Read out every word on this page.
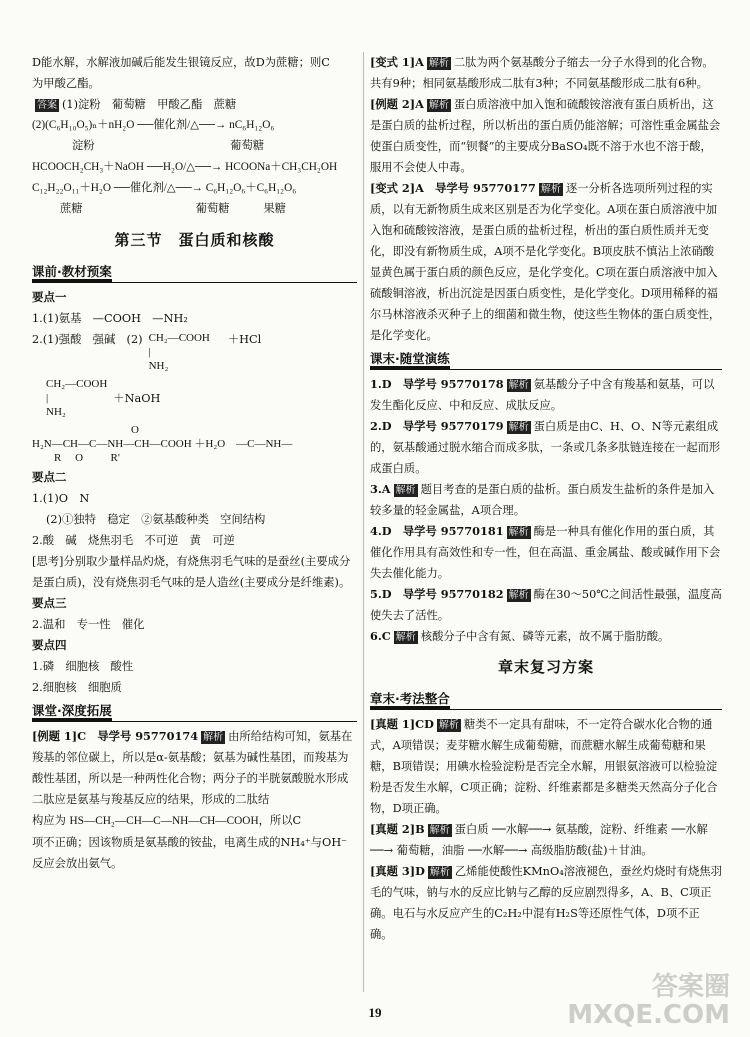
D能水解，水解液加碱后能发生银镜反应，故D为蔗糖；则C

为甲酸乙酯。

答案 (1)淀粉　葡萄糖　甲酸乙酯　蔗糖

(2)(C₆H₁₀O₅)ₙ＋nH₂O ──催化剂/△──→ nC₆H₁₂O₆

淀粉　　　　　　　　　　　　葡萄糖

HCOOCH₂CH₃＋NaOH ──H₂O/△──→ HCOONa＋CH₃CH₂OH

C₁₂H₂₂O₁₁＋H₂O ──催化剂/△──→ C₆H₁₂O₆＋C₆H₁₂O₆

蔗糖　　　　　　　　　　葡萄糖　　　果糖

第三节　蛋白质和核酸
课前·教材预案

要点一

1.(1)氨基　—COOH　—NH₂

2.(1)强酸　强碱　(2) CH₂—COOH
|
NH₂
＋HCl
CH₂—COOH
|
NH₂
＋NaOH
O
H₂N—CH—C—NH—CH—COOH ＋H₂O　—C—NH—
R     O          R'

要点二

1.(1)O　N

(2)①独特　稳定　②氨基酸种类　空间结构

2.酸　碱　烧焦羽毛　不可逆　黄　可逆

[思考]分别取少量样品灼烧，有烧焦羽毛气味的是蚕丝(主要成分是蛋白质)，没有烧焦羽毛气味的是人造丝(主要成分是纤维素)。

要点三

2.温和　专一性　催化

要点四

1.磷　细胞核　酸性

2.细胞核　细胞质

课堂·深度拓展

[例题 1]C　导学号 95770174 解析 由所给结构可知，氨基在羧基的邻位碳上，所以是α-氨基酸；氨基为碱性基团，而羧基为酸性基团，所以是一种两性化合物；两分子的半胱氨酸脱水形成二肽应是氨基与羧基反应的结果，形成的二肽结

构应为 HS—CH₂—CH—C—NH—CH—COOH，所以C

项不正确；因该物质是氨基酸的铵盐，电离生成的NH₄⁺与OH⁻反应会放出氨气。

[变式 1]A 解析 二肽为两个氨基酸分子缩去一分子水得到的化合物。共有9种；相同氨基酸形成二肽有3种；不同氨基酸形成二肽有6种。

[例题 2]A 解析 蛋白质溶液中加入饱和硫酸铵溶液有蛋白质析出，这是蛋白质的盐析过程，所以析出的蛋白质仍能溶解；可溶性重金属盐会使蛋白质变性，而“钡餐”的主要成分BaSO₄既不溶于水也不溶于酸，服用不会使人中毒。

[变式 2]A　导学号 95770177 解析 逐一分析各选项所列过程的实质，以有无新物质生成来区别是否为化学变化。A项在蛋白质溶液中加入饱和硫酸铵溶液，是蛋白质的盐析过程，析出的蛋白质性质并无变化，即没有新物质生成，A项不是化学变化。B项皮肤不慎沾上浓硝酸显黄色属于蛋白质的颜色反应，是化学变化。C项在蛋白质溶液中加入硫酸铜溶液，析出沉淀是因蛋白质变性，是化学变化。D项用稀释的福尔马林溶液杀灭种子上的细菌和微生物，使这些生物体的蛋白质变性，是化学变化。

课末·随堂演练

1.D　导学号 95770178 解析 氨基酸分子中含有羧基和氨基，可以发生酯化反应、中和反应、成肽反应。

2.D　导学号 95770179 解析 蛋白质是由C、H、O、N等元素组成的，氨基酸通过脱水缩合而成多肽，一条或几条多肽链连接在一起而形成蛋白质。

3.A 解析 题目考查的是蛋白质的盐析。蛋白质发生盐析的条件是加入较多量的轻金属盐，A项合理。

4.D　导学号 95770181 解析 酶是一种具有催化作用的蛋白质，其催化作用具有高效性和专一性，但在高温、重金属盐、酸或碱作用下会失去催化能力。

5.D　导学号 95770182 解析 酶在30～50℃之间活性最强，温度高使失去了活性。

6.C 解析 核酸分子中含有氮、磷等元素，故不属于脂肪酸。

章末复习方案
章末·考法整合

[真题 1]CD 解析 糖类不一定具有甜味，不一定符合碳水化合物的通式，A项错误；麦芽糖水解生成葡萄糖，而蔗糖水解生成葡萄糖和果糖，B项错误；用碘水检验淀粉是否完全水解，用银氨溶液可以检验淀粉是否发生水解，C项正确；淀粉、纤维素都是多糖类天然高分子化合物，D项正确。

[真题 2]B 解析 蛋白质 ──水解──→ 氨基酸，淀粉、纤维素 ──水解──→ 葡萄糖，油脂 ──水解──→ 高级脂肪酸(盐)＋甘油。

[真题 3]D 解析 乙烯能使酸性KMnO₄溶液褪色，蚕丝灼烧时有烧焦羽毛的气味，钠与水的反应比钠与乙醇的反应剧烈得多，A、B、C项正确。电石与水反应产生的C₂H₂中混有H₂S等还原性气体，D项不正确。

19
答案圈
MXQE.COM
